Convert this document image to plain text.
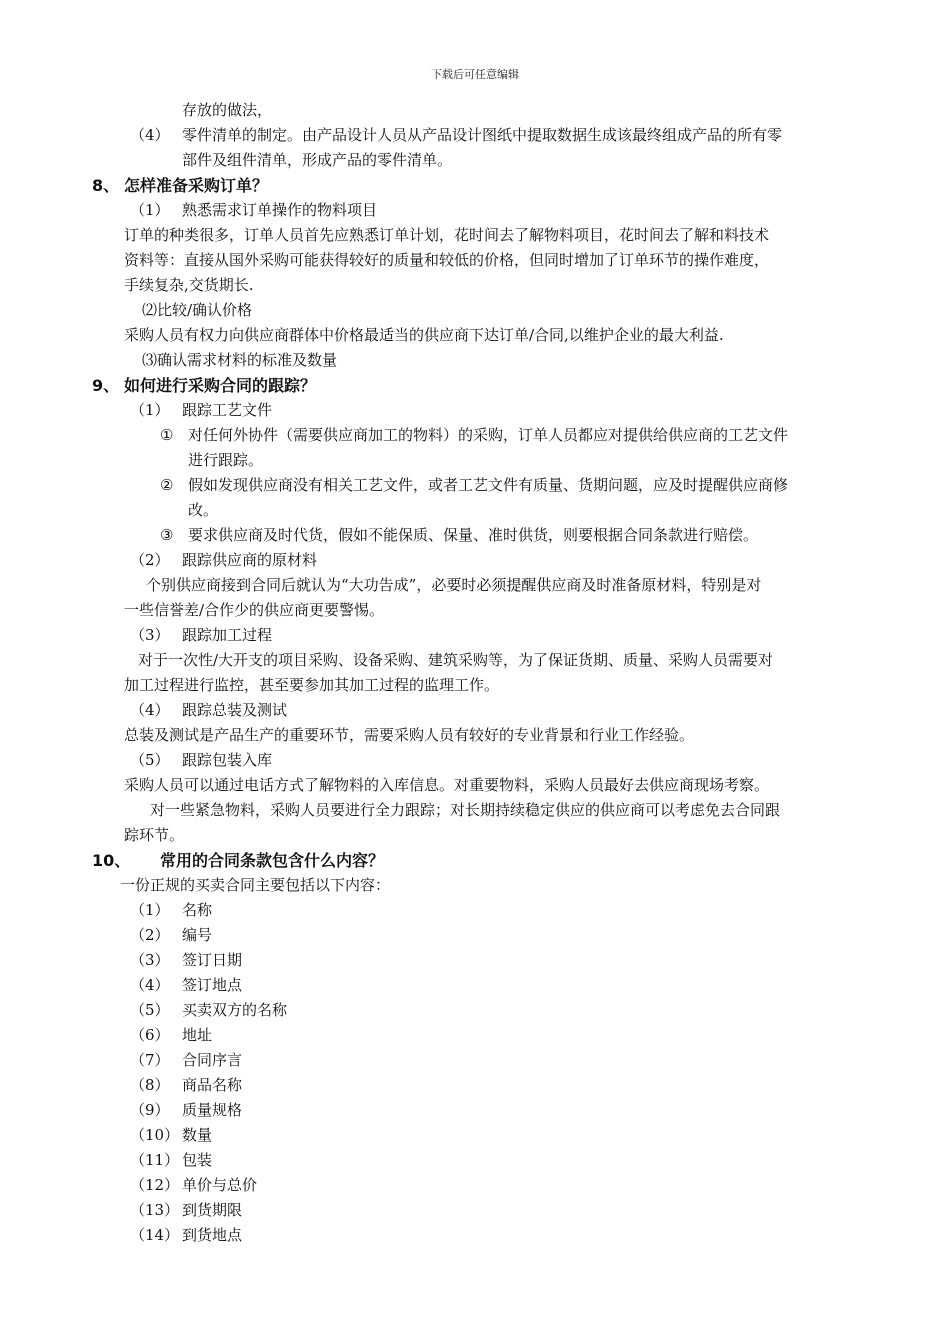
下载后可任意编辑
存放的做法，
（4） 零件清单的制定。由产品设计人员从产品设计图纸中提取数据生成该最终组成产品的所有零
部件及组件清单，形成产品的零件清单。
8、 怎样准备采购订单？
（1） 熟悉需求订单操作的物料项目
订单的种类很多，订单人员首先应熟悉订单计划，花时间去了解物料项目，花时间去了解和料技术
资料等：直接从国外采购可能获得较好的质量和较低的价格，但同时增加了订单环节的操作难度，
手续复杂,交货期长.
⑵比较/确认价格
采购人员有权力向供应商群体中价格最适当的供应商下达订单/合同,以维护企业的最大利益.
⑶确认需求材料的标准及数量
9、 如何进行采购合同的跟踪？
（1） 跟踪工艺文件
① 对任何外协件（需要供应商加工的物料）的采购，订单人员都应对提供给供应商的工艺文件
进行跟踪。
② 假如发现供应商没有相关工艺文件，或者工艺文件有质量、货期问题，应及时提醒供应商修
改。
③ 要求供应商及时代货，假如不能保质、保量、准时供货，则要根据合同条款进行赔偿。
（2） 跟踪供应商的原材料
个别供应商接到合同后就认为“大功告成”，必要时必须提醒供应商及时准备原材料，特别是对
一些信誉差/合作少的供应商更要警惕。
（3） 跟踪加工过程
对于一次性/大开支的项目采购、设备采购、建筑采购等，为了保证货期、质量、采购人员需要对
加工过程进行监控，甚至要参加其加工过程的监理工作。
（4） 跟踪总装及测试
总装及测试是产品生产的重要环节，需要采购人员有较好的专业背景和行业工作经验。
（5） 跟踪包装入库
采购人员可以通过电话方式了解物料的入库信息。对重要物料，采购人员最好去供应商现场考察。
对一些紧急物料，采购人员要进行全力跟踪；对长期持续稳定供应的供应商可以考虑免去合同跟
踪环节。
10、 常用的合同条款包含什么内容？
一份正规的买卖合同主要包括以下内容：
（1） 名称
（2） 编号
（3） 签订日期
（4） 签订地点
（5） 买卖双方的名称
（6） 地址
（7） 合同序言
（8） 商品名称
（9） 质量规格
（10） 数量
（11） 包装
（12） 单价与总价
（13） 到货期限
（14） 到货地点
